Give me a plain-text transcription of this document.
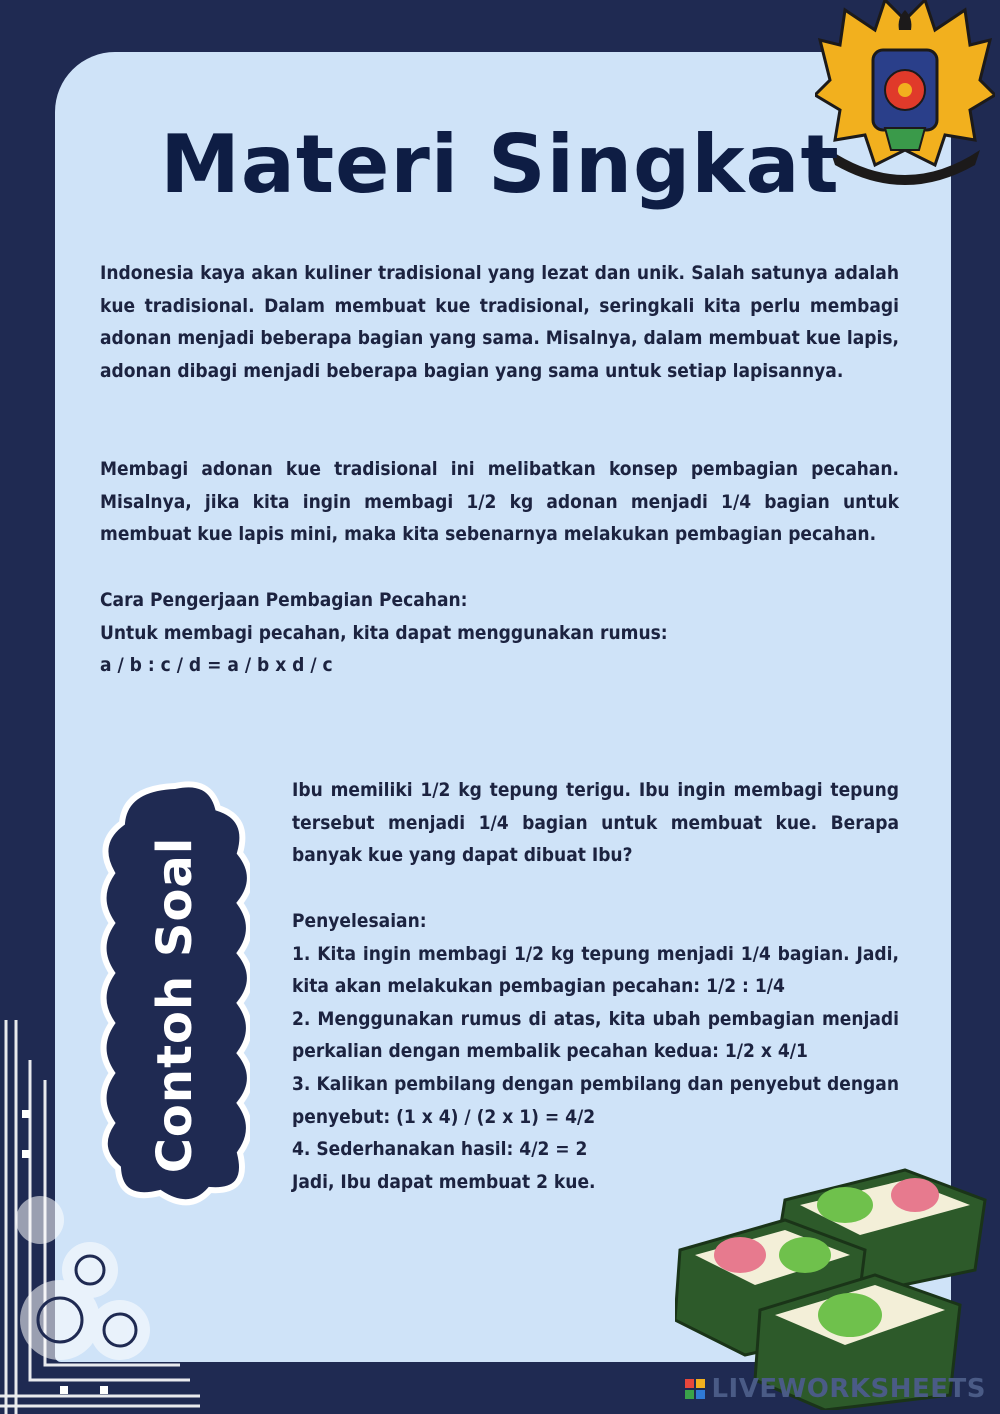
Materi Singkat

Indonesia kaya akan kuliner tradisional yang lezat dan unik. Salah satunya adalah kue tradisional. Dalam membuat kue tradisional, seringkali kita perlu membagi adonan menjadi beberapa bagian yang sama. Misalnya, dalam membuat kue lapis, adonan dibagi menjadi beberapa bagian yang sama untuk setiap lapisannya.

Membagi adonan kue tradisional ini melibatkan konsep pembagian pecahan. Misalnya, jika kita ingin membagi 1/2 kg adonan menjadi 1/4 bagian untuk membuat kue lapis mini, maka kita sebenarnya melakukan pembagian pecahan.

Cara Pengerjaan Pembagian Pecahan:
Untuk membagi pecahan, kita dapat menggunakan rumus:
a / b : c / d = a / b x d / c
Contoh Soal

Ibu memiliki 1/2 kg tepung terigu. Ibu ingin membagi tepung tersebut menjadi 1/4 bagian untuk membuat kue. Berapa banyak kue yang dapat dibuat Ibu?

Penyelesaian:
1. Kita ingin membagi 1/2 kg tepung menjadi 1/4 bagian. Jadi, kita akan melakukan pembagian pecahan: 1/2 : 1/4
2. Menggunakan rumus di atas, kita ubah pembagian menjadi perkalian dengan membalik pecahan kedua: 1/2 x 4/1
3. Kalikan pembilang dengan pembilang dan penyebut dengan penyebut: (1 x 4) / (2 x 1) = 4/2
4. Sederhanakan hasil: 4/2 = 2
Jadi, Ibu dapat membuat 2 kue.
LIVEWORKSHEETS
